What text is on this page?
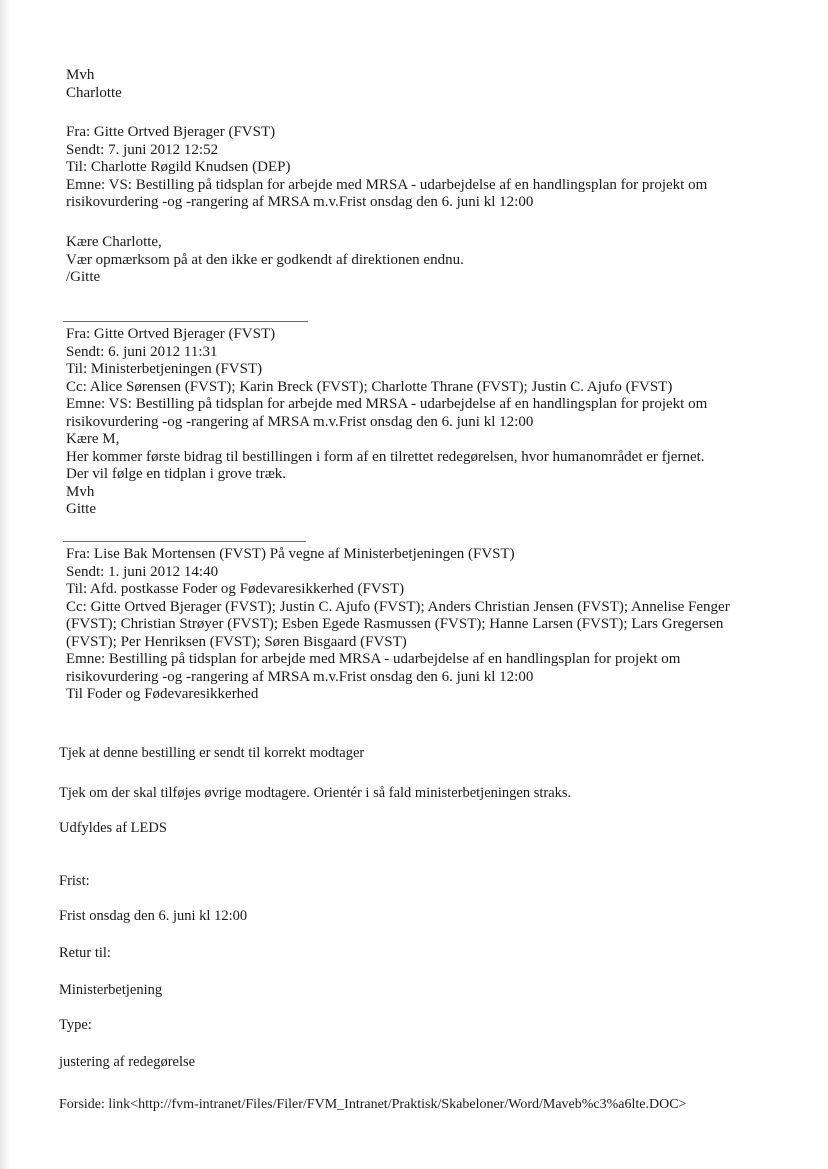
Mvh
Charlotte
Fra: Gitte Ortved Bjerager (FVST)
Sendt: 7. juni 2012 12:52
Til: Charlotte Røgild Knudsen (DEP)
Emne: VS: Bestilling på tidsplan for arbejde med MRSA - udarbejdelse af en handlingsplan for projekt om
risikovurdering -og -rangering af MRSA m.v.Frist onsdag den 6. juni kl 12:00
Kære Charlotte,
Vær opmærksom på at den ikke er godkendt af direktionen endnu.
/Gitte
Fra: Gitte Ortved Bjerager (FVST)
Sendt: 6. juni 2012 11:31
Til: Ministerbetjeningen (FVST)
Cc: Alice Sørensen (FVST); Karin Breck (FVST); Charlotte Thrane (FVST); Justin C. Ajufo (FVST)
Emne: VS: Bestilling på tidsplan for arbejde med MRSA - udarbejdelse af en handlingsplan for projekt om
risikovurdering -og -rangering af MRSA m.v.Frist onsdag den 6. juni kl 12:00
Kære M,
Her kommer første bidrag til bestillingen i form af en tilrettet redegørelsen, hvor humanområdet er fjernet.
Der vil følge en tidplan i grove træk.
Mvh
Gitte
Fra: Lise Bak Mortensen (FVST) På vegne af Ministerbetjeningen (FVST)
Sendt: 1. juni 2012 14:40
Til: Afd. postkasse Foder og Fødevaresikkerhed (FVST)
Cc: Gitte Ortved Bjerager (FVST); Justin C. Ajufo (FVST); Anders Christian Jensen (FVST); Annelise Fenger
(FVST); Christian Strøyer (FVST); Esben Egede Rasmussen (FVST); Hanne Larsen (FVST); Lars Gregersen
(FVST); Per Henriksen (FVST); Søren Bisgaard (FVST)
Emne: Bestilling på tidsplan for arbejde med MRSA - udarbejdelse af en handlingsplan for projekt om
risikovurdering -og -rangering af MRSA m.v.Frist onsdag den 6. juni kl 12:00
Til Foder og Fødevaresikkerhed
Tjek at denne bestilling er sendt til korrekt modtager
Tjek om der skal tilføjes øvrige modtagere. Orientér i så fald ministerbetjeningen straks.
Udfyldes af LEDS
Frist:
Frist onsdag den 6. juni kl 12:00
Retur til:
Ministerbetjening
Type:
justering af redegørelse
Forside: link<http://fvm-intranet/Files/Filer/FVM_Intranet/Praktisk/Skabeloner/Word/Maveb%c3%a6lte.DOC>
